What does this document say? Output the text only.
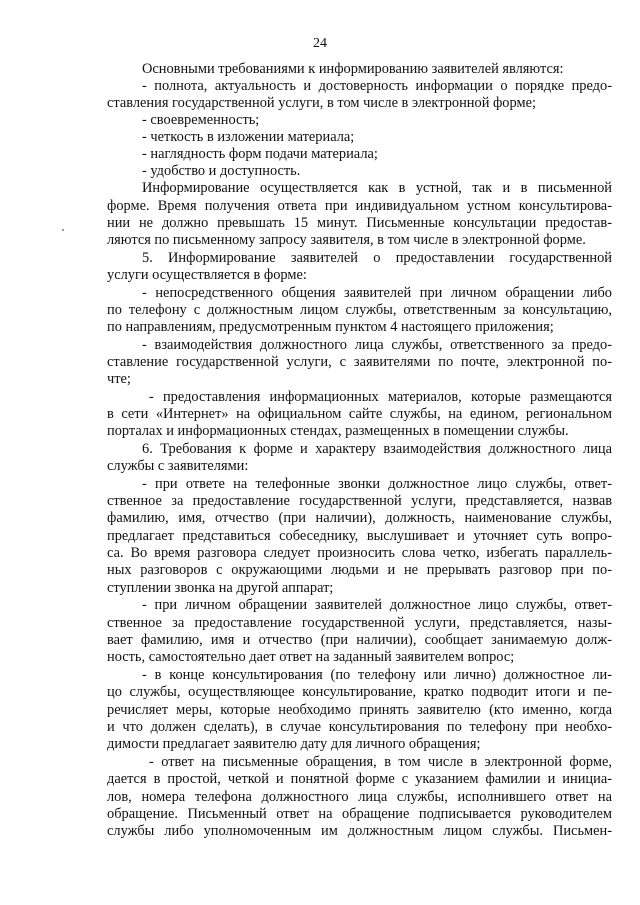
24
Основными требованиями к информированию заявителей являются:
- полнота, актуальность и достоверность информации о порядке предо-
ставления государственной услуги, в том числе в электронной форме;
- своевременность;
- четкость в изложении материала;
- наглядность форм подачи материала;
- удобство и доступность.
Информирование осуществляется как в устной, так и в письменной
форме. Время получения ответа при индивидуальном устном консультирова-
нии не должно превышать 15 минут. Письменные консультации предостав-
ляются по письменному запросу заявителя, в том числе в электронной форме.
5. Информирование заявителей о предоставлении государственной
услуги осуществляется в форме:
- непосредственного общения заявителей при личном обращении либо
по телефону с должностным лицом службы, ответственным за консультацию,
по направлениям, предусмотренным пунктом 4 настоящего приложения;
- взаимодействия должностного лица службы, ответственного за предо-
ставление государственной услуги, с заявителями по почте, электронной по-
чте;
- предоставления информационных материалов, которые размещаются
в сети «Интернет» на официальном сайте службы, на едином, региональном
порталах и информационных стендах, размещенных в помещении службы.
6. Требования к форме и характеру взаимодействия должностного лица
службы с заявителями:
- при ответе на телефонные звонки должностное лицо службы, ответ-
ственное за предоставление государственной услуги, представляется, назвав
фамилию, имя, отчество (при наличии), должность, наименование службы,
предлагает представиться собеседнику, выслушивает и уточняет суть вопро-
са. Во время разговора следует произносить слова четко, избегать параллель-
ных разговоров с окружающими людьми и не прерывать разговор при по-
ступлении звонка на другой аппарат;
- при личном обращении заявителей должностное лицо службы, ответ-
ственное за предоставление государственной услуги, представляется, назы-
вает фамилию, имя и отчество (при наличии), сообщает занимаемую долж-
ность, самостоятельно дает ответ на заданный заявителем вопрос;
- в конце консультирования (по телефону или лично) должностное ли-
цо службы, осуществляющее консультирование, кратко подводит итоги и пе-
речисляет меры, которые необходимо принять заявителю (кто именно, когда
и что должен сделать), в случае консультирования по телефону при необхо-
димости предлагает заявителю дату для личного обращения;
- ответ на письменные обращения, в том числе в электронной форме,
дается в простой, четкой и понятной форме с указанием фамилии и инициа-
лов, номера телефона должностного лица службы, исполнившего ответ на
обращение. Письменный ответ на обращение подписывается руководителем
службы либо уполномоченным им должностным лицом службы. Письмен-
